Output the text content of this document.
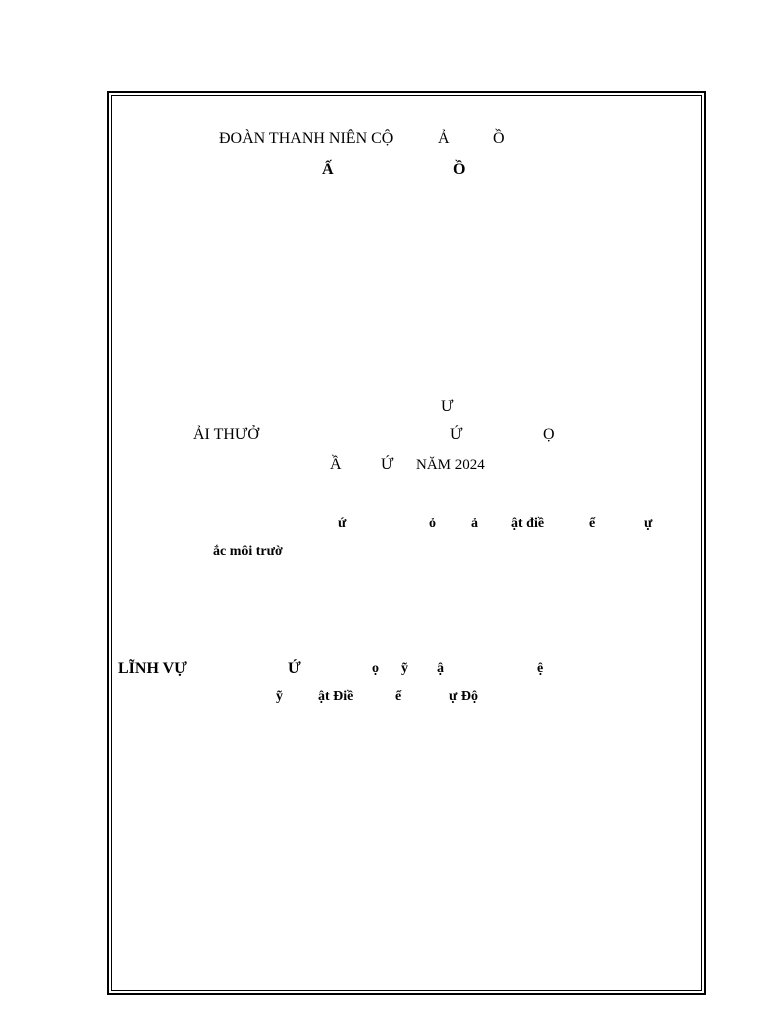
ĐOÀN THANH NIÊN CỘ	Ả	Ồ
Ấ	Ồ
Ư
ẢI THƯỞ	Ứ	Ọ
Ầ Ứ NĂM 2024
ứ	ỏ	ả ật điề	ể	ự
ắc môi trườ
LĨNH VỰ	Ứ	ọ ỹ ậ	ệ
ỹ	ật Điề	ể	ự Độ
